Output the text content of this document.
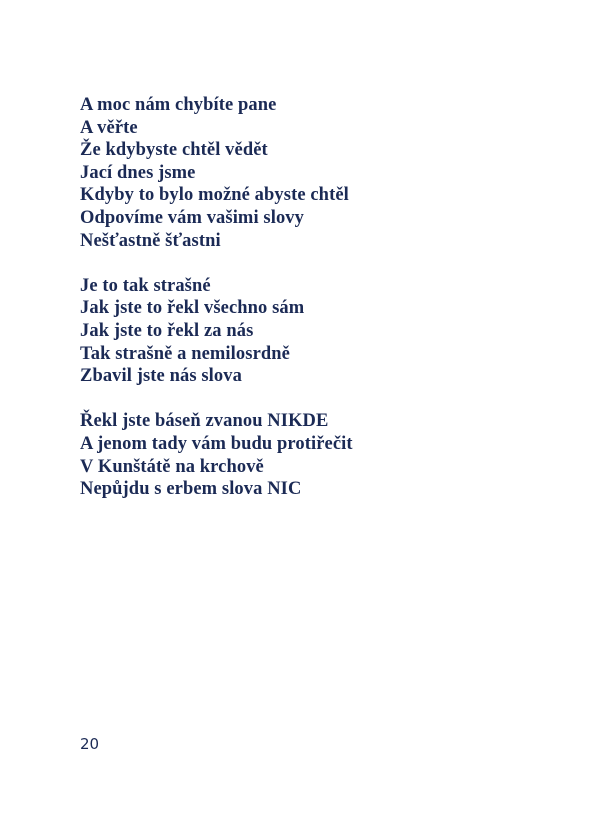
A moc nám chybíte pane
A věřte
Že kdybyste chtěl vědět
Jací dnes jsme
Kdyby to bylo možné abyste chtěl
Odpovíme vám vašimi slovy
Nešťastně šťastni
Je to tak strašné
Jak jste to řekl všechno sám
Jak jste to řekl za nás
Tak strašně a nemilosrdně
Zbavil jste nás slova
Řekl jste báseň zvanou NIKDE
A jenom tady vám budu protiřečit
V Kunštátě na krchově
Nepůjdu s erbem slova NIC
20
